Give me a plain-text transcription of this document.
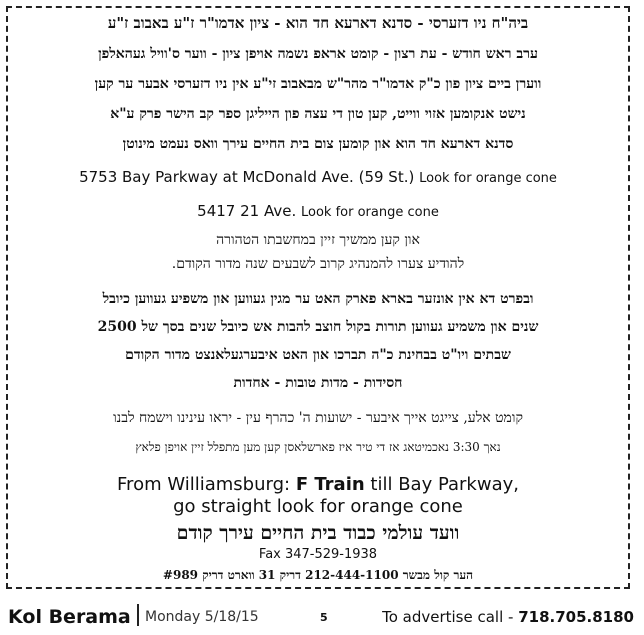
ביה"ח ניו דזערסי - סדנא דארעא חד הוא - ציון אדמו"ר ז"ע באבוב ז"ע
ערב ראש חודש - עת רצון - קומט אראפ נשמה אויפן ציון - ווער ס'וויל געהאלפן
ווערן ביים ציון פון כ"ק אדמו"ר מהר"ש מבאבוב זי"ע אין ניו דזערסי אבער ער קען
נישט אנקומען אזוי ווייט, קען טון די עצה פון הייליגן ספר קב הישר פרק ע"א
סדנא דארעא חד הוא און קומען צום בית החיים עירך וואס נעמט מינוטן
5753 Bay Parkway at McDonald Ave. (59 St.) Look for orange cone
5417 21 Ave. Look for orange cone
און קען ממשיך זיין במחשבתו הטהורה
להודיע צערו להמנהיג קרוב לשבעים שנה מדור הקודם.
ובפרט דא אין אונזער בארא פארק האט ער מגין געווען און משפיע געווען כיובל
שנים און משמיע געווען תורות בקול חוצב להבות אש כיובל שנים בסך של 2500
שבתים ויו"ט בבחינת כ"ה תברכו און האט איבערגעלאנצט מדור הקודם
חסידות - מדות טובות - אחדות
קומט אלע, צייגט אייך איבער - ישועות ה' כהרף עין - יראו עינינו וישמח לבנו
נאך 3:30 נאכמיטאג אז די טיר איז פארשלאסן קען מען מתפלל זיין אויפן פלאץ
From Williamsburg: F Train till Bay Parkway,
go straight look for orange cone
וועד עולמי כבוד בית החיים עירך קודם
Fax 347-529-1938
הער קול מבשר 212-444-1100 דריק 31 ווארט דריק #989
Kol Berama Monday 5/18/15	5	To advertise call - 718.705.8180
